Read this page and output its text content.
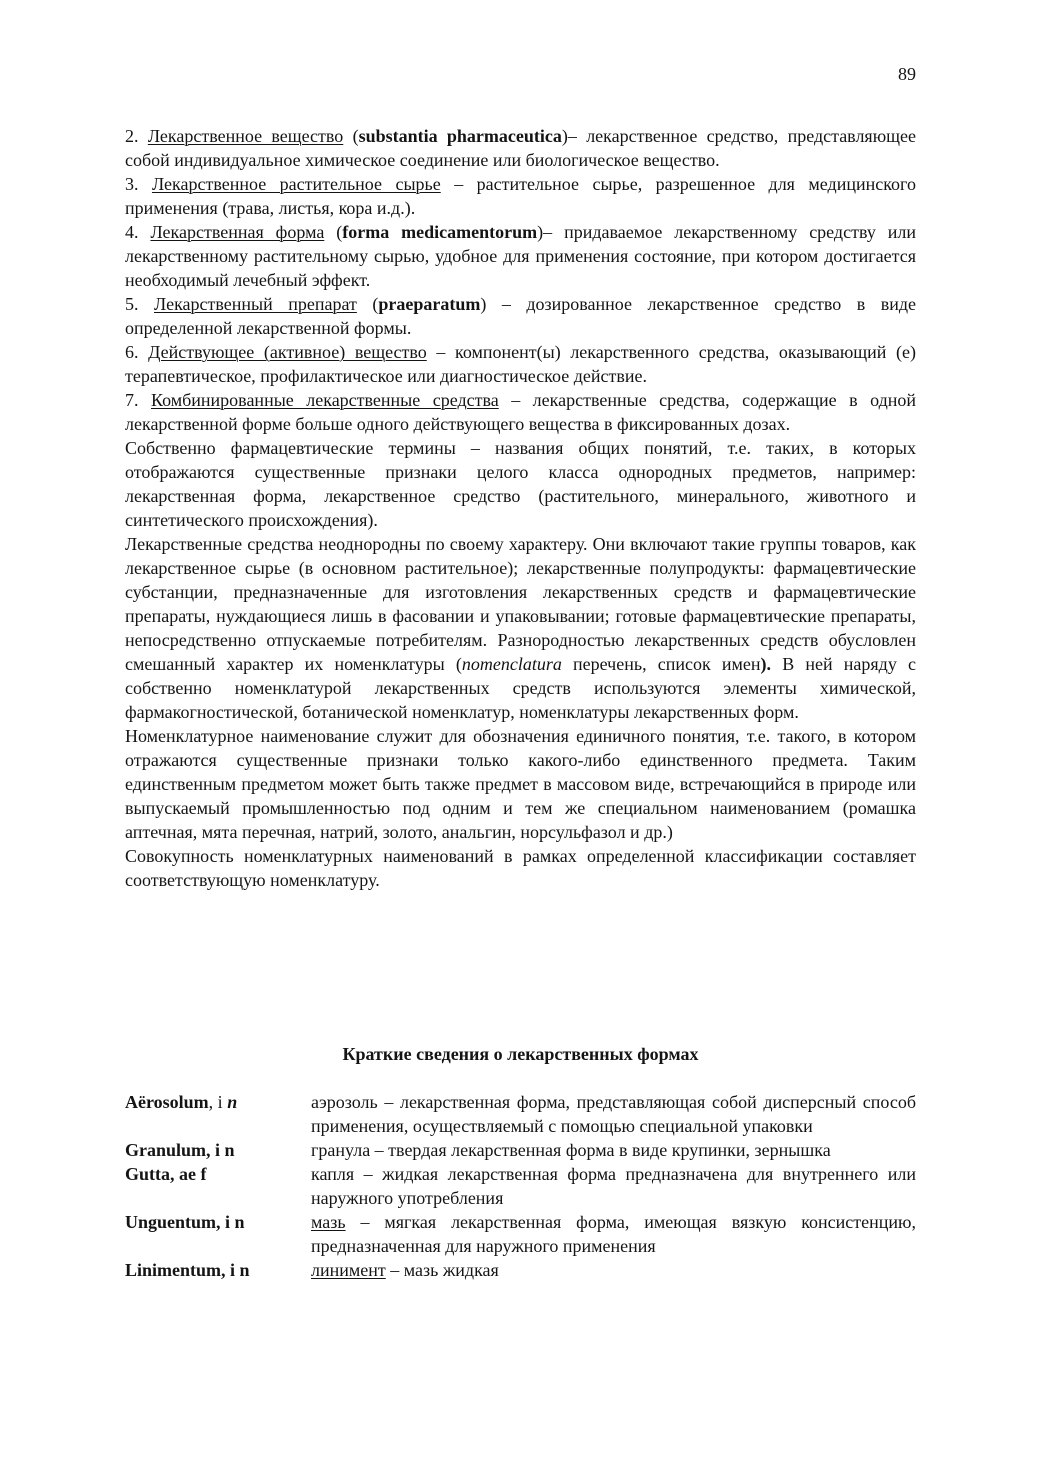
89

2. Лекарственное вещество (substantia pharmaceutica)– лекарственное средство, представляющее собой индивидуальное химическое соединение или биологическое вещество.

3. Лекарственное растительное сырье – растительное сырье, разрешенное для медицинского применения (трава, листья, кора и.д.).

4. Лекарственная форма (forma medicamentorum)– придаваемое лекарственному средству или лекарственному растительному сырью, удобное для применения состояние, при котором достигается необходимый лечебный эффект.

5. Лекарственный препарат (praeparatum) – дозированное лекарственное средство в виде определенной лекарственной формы.

6. Действующее (активное) вещество – компонент(ы) лекарственного средства, оказывающий (е) терапевтическое, профилактическое или диагностическое действие.

7. Комбинированные лекарственные средства – лекарственные средства, содержащие в одной лекарственной форме больше одного действующего вещества в фиксированных дозах.

Собственно фармацевтические термины – названия общих понятий, т.е. таких, в которых отображаются существенные признаки целого класса однородных предметов, например: лекарственная форма, лекарственное средство (растительного, минерального, животного и синтетического происхождения).

Лекарственные средства неоднородны по своему характеру. Они включают такие группы товаров, как лекарственное сырье (в основном растительное); лекарственные полупродукты: фармацевтические субстанции, предназначенные для изготовления лекарственных средств и фармацевтические препараты, нуждающиеся лишь в фасовании и упаковывании; готовые фармацевтические препараты, непосредственно отпускаемые потребителям. Разнородностью лекарственных средств обусловлен смешанный характер их номенклатуры (nomenclatura перечень, список имен). В ней наряду с собственно номенклатурой лекарственных средств используются элементы химической, фармакогностической, ботанической номенклатур, номенклатуры лекарственных форм.

Номенклатурное наименование служит для обозначения единичного понятия, т.е. такого, в котором отражаются существенные признаки только какого-либо единственного предмета. Таким единственным предметом может быть также предмет в массовом виде, встречающийся в природе или выпускаемый промышленностью под одним и тем же специальном наименованием (ромашка аптечная, мята перечная, натрий, золото, анальгин, норсульфазол и др.)

Совокупность номенклатурных наименований в рамках определенной классификации составляет соответствующую номенклатуру.

Краткие сведения о лекарственных формах
Aërosolum, i n	аэрозоль – лекарственная форма, представляющая собой дисперсный способ применения, осуществляемый с помощью специальной упаковки
Granulum, i n	гранула – твердая лекарственная форма в виде крупинки, зернышка
Gutta, ae f	капля – жидкая лекарственная форма предназначена для внутреннего или наружного употребления
Unguentum, i n	мазь – мягкая лекарственная форма, имеющая вязкую консистенцию, предназначенная для наружного применения
Linimentum, i n	линимент – мазь жидкая
